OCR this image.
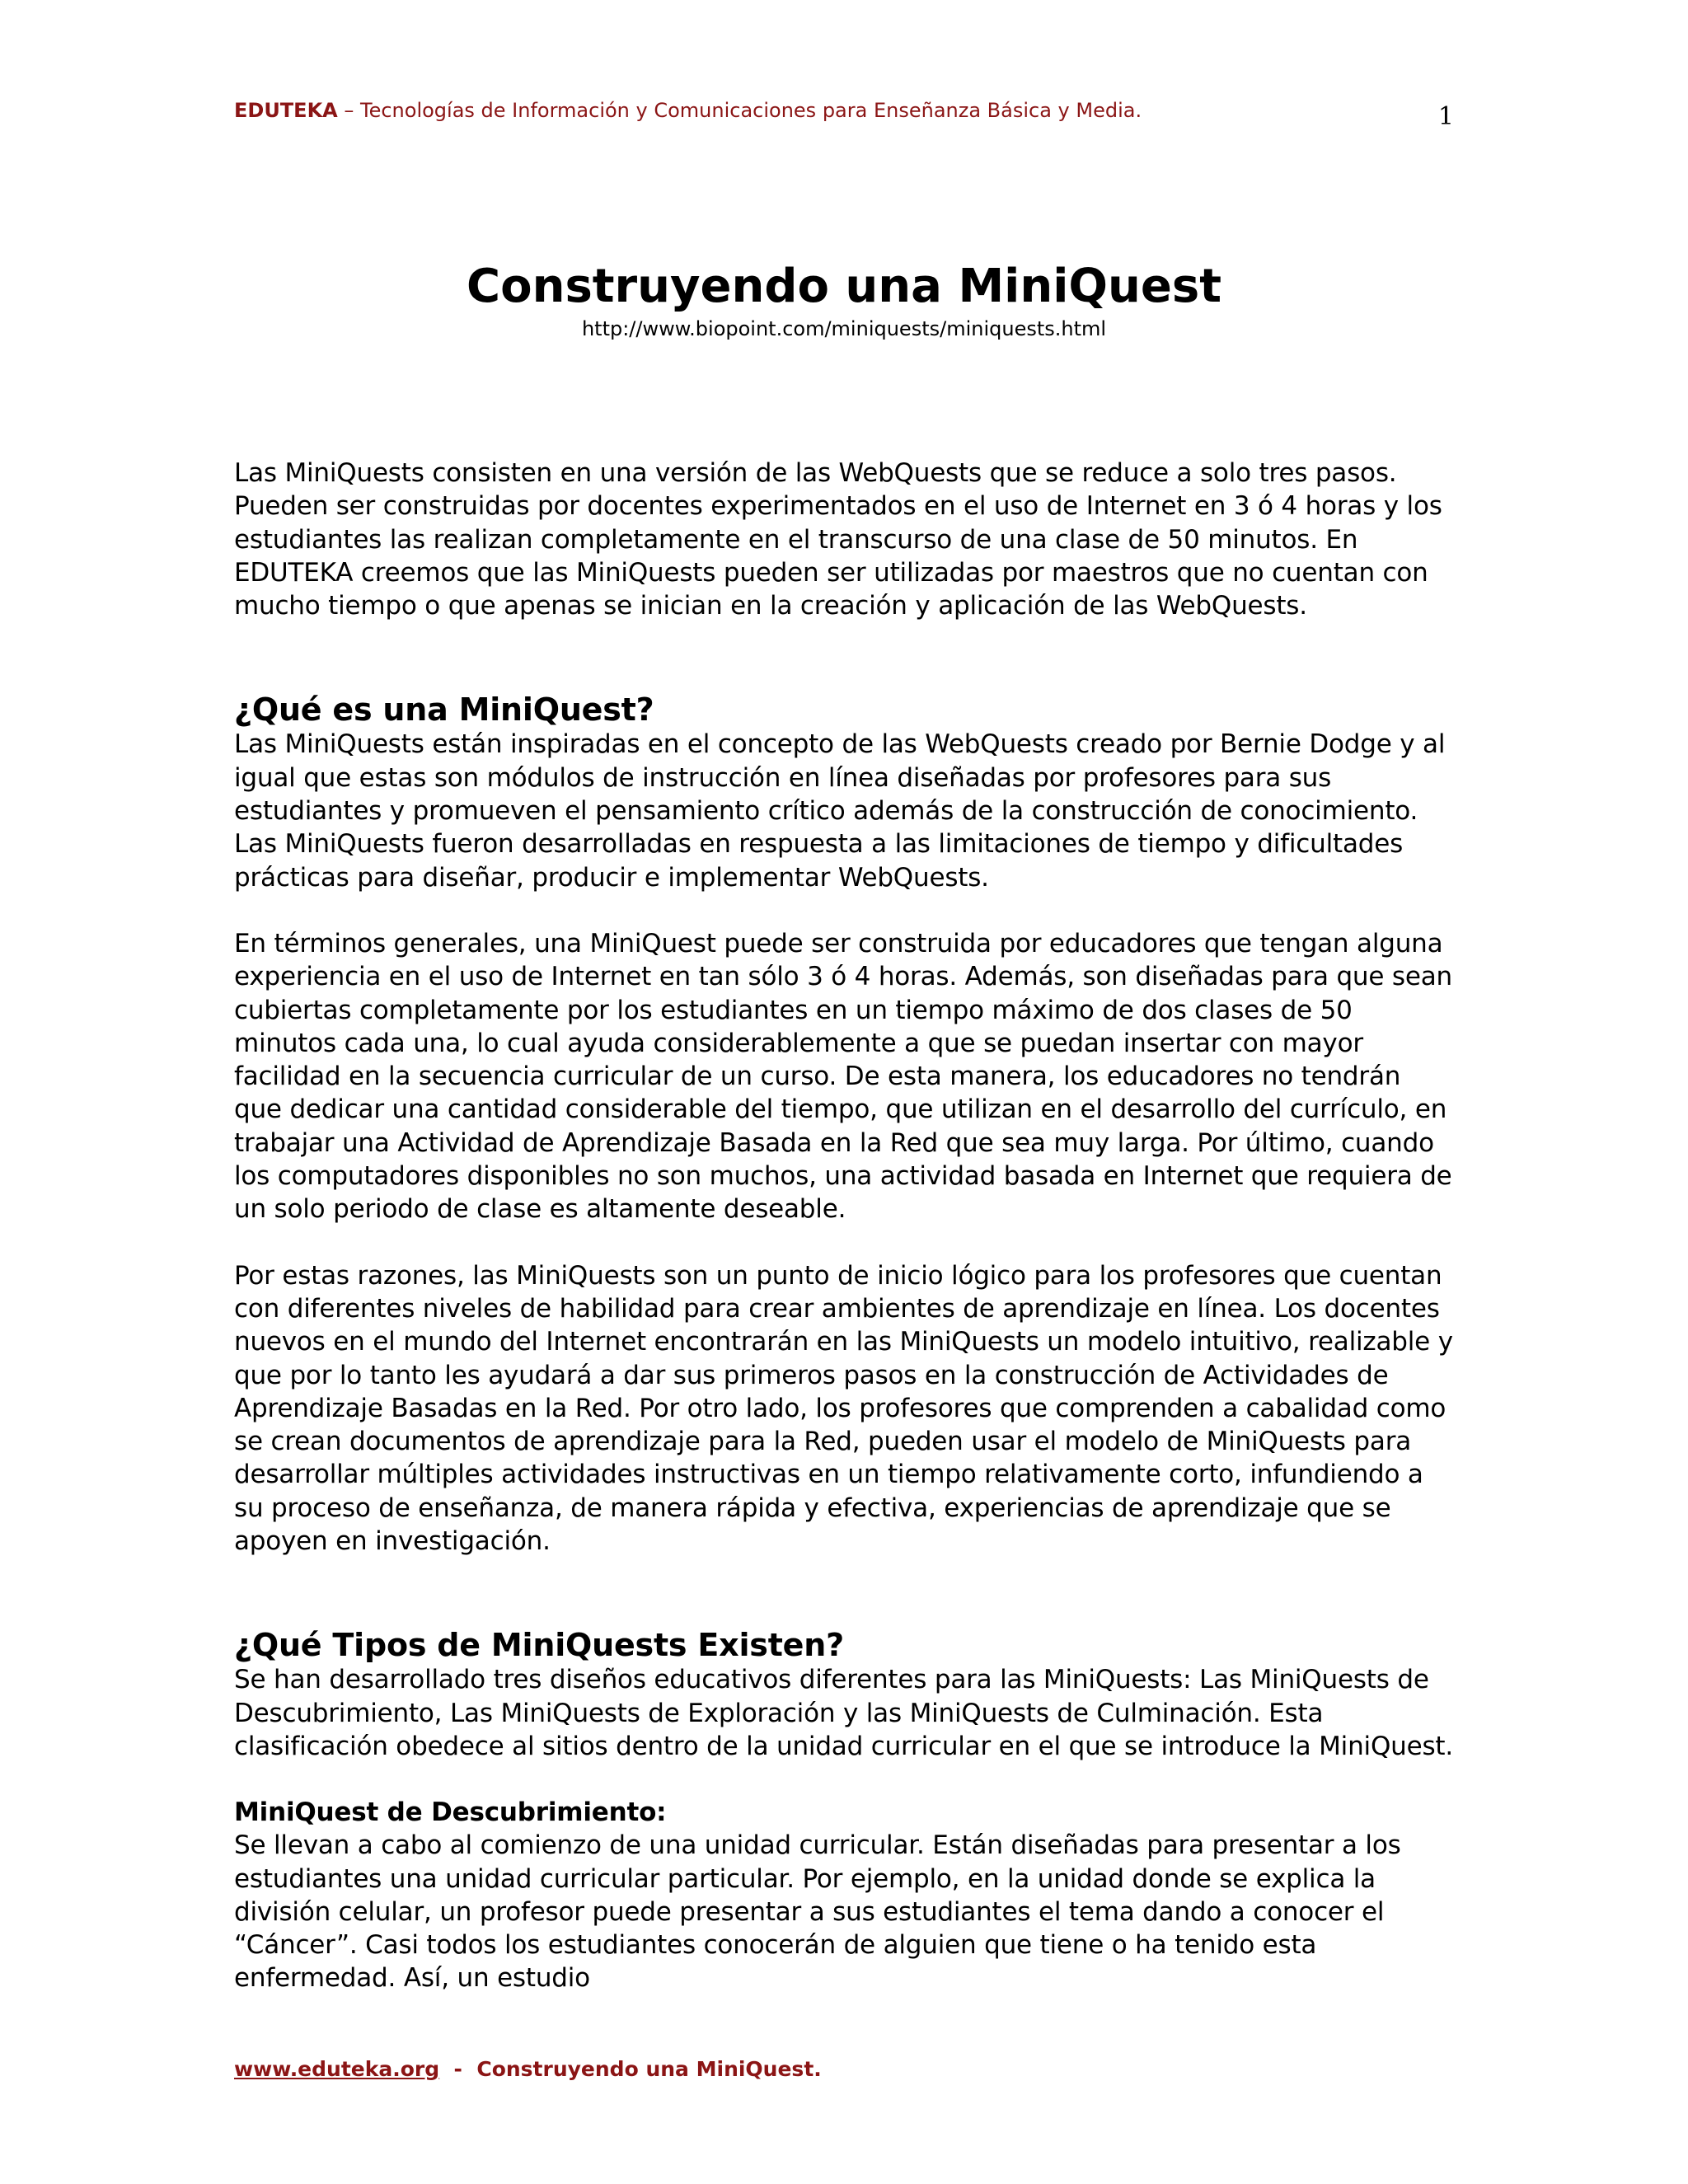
EDUTEKA – Tecnologías de Información y Comunicaciones para Enseñanza Básica y Media.	1
Construyendo una MiniQuest

http://www.biopoint.com/miniquests/miniquests.html

Las MiniQuests consisten en una versión de las WebQuests que se reduce a solo tres pasos. Pueden ser construidas por docentes experimentados en el uso de Internet en 3 ó 4 horas y los estudiantes las realizan completamente en el transcurso de una clase de 50 minutos. En EDUTEKA creemos que las MiniQuests pueden ser utilizadas por maestros que no cuentan con mucho tiempo o que apenas se inician en la creación y aplicación de las WebQuests.

¿Qué es una MiniQuest?

Las MiniQuests están inspiradas en el concepto de las WebQuests creado por Bernie Dodge y al igual que estas son módulos de instrucción en línea diseñadas por profesores para sus estudiantes y promueven el pensamiento crítico además de la construcción de conocimiento. Las MiniQuests fueron desarrolladas en respuesta a las limitaciones de tiempo y dificultades prácticas para diseñar, producir e implementar WebQuests.

En términos generales, una MiniQuest puede ser construida por educadores que tengan alguna experiencia en el uso de Internet en tan sólo 3 ó 4 horas. Además, son diseñadas para que sean cubiertas completamente por los estudiantes en un tiempo máximo de dos clases de 50 minutos cada una, lo cual ayuda considerablemente a que se puedan insertar con mayor facilidad en la secuencia curricular de un curso. De esta manera, los educadores no tendrán que dedicar una cantidad considerable del tiempo, que utilizan en el desarrollo del currículo, en trabajar una Actividad de Aprendizaje Basada en la Red que sea muy larga. Por último, cuando los computadores disponibles no son muchos, una actividad basada en Internet que requiera de un solo periodo de clase es altamente deseable.

Por estas razones, las MiniQuests son un punto de inicio lógico para los profesores que cuentan con diferentes niveles de habilidad para crear ambientes de aprendizaje en línea. Los docentes nuevos en el mundo del Internet encontrarán en las MiniQuests un modelo intuitivo, realizable y que por lo tanto les ayudará a dar sus primeros pasos en la construcción de Actividades de Aprendizaje Basadas en la Red. Por otro lado, los profesores que comprenden a cabalidad como se crean documentos de aprendizaje para la Red, pueden usar el modelo de MiniQuests para desarrollar múltiples actividades instructivas en un tiempo relativamente corto, infundiendo a su proceso de enseñanza, de manera rápida y efectiva, experiencias de aprendizaje que se apoyen en investigación.

¿Qué Tipos de MiniQuests Existen?

Se han desarrollado tres diseños educativos diferentes para las MiniQuests: Las MiniQuests de Descubrimiento, Las MiniQuests de Exploración y las MiniQuests de Culminación. Esta clasificación obedece al sitios dentro de la unidad curricular en el que se introduce la MiniQuest.

MiniQuest de Descubrimiento:

Se llevan a cabo al comienzo de una unidad curricular. Están diseñadas para presentar a los estudiantes una unidad curricular particular. Por ejemplo, en la unidad donde se explica la división celular, un profesor puede presentar a sus estudiantes el tema dando a conocer el “Cáncer”. Casi todos los estudiantes conocerán de alguien que tiene o ha tenido esta enfermedad. Así, un estudio

www.eduteka.org  -  Construyendo una MiniQuest.
